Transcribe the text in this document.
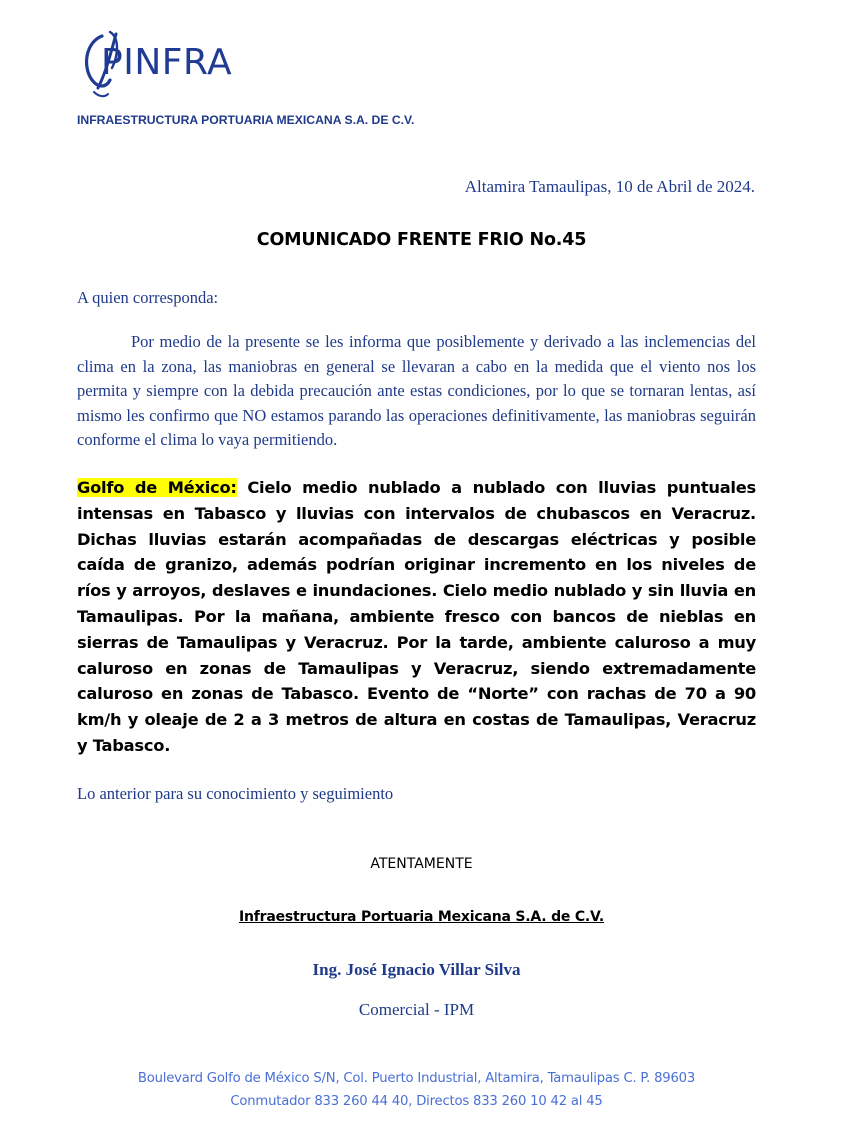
PINFRA
INFRAESTRUCTURA PORTUARIA MEXICANA S.A. DE C.V.
Altamira Tamaulipas, 10 de Abril de 2024.
COMUNICADO FRENTE FRIO No.45
A quien corresponda:

Por medio de la presente se les informa que posiblemente y derivado a las inclemencias del clima en la zona, las maniobras en general se llevaran a cabo en la medida que el viento nos los permita y siempre con la debida precaución ante estas condiciones, por lo que se tornaran lentas, así mismo les confirmo que NO estamos parando las operaciones definitivamente, las maniobras seguirán conforme el clima lo vaya permitiendo.

Golfo de México: Cielo medio nublado a nublado con lluvias puntuales intensas en Tabasco y lluvias con intervalos de chubascos en Veracruz. Dichas lluvias estarán acompañadas de descargas eléctricas y posible caída de granizo, además podrían originar incremento en los niveles de ríos y arroyos, deslaves e inundaciones. Cielo medio nublado y sin lluvia en Tamaulipas. Por la mañana, ambiente fresco con bancos de nieblas en sierras de Tamaulipas y Veracruz. Por la tarde, ambiente caluroso a muy caluroso en zonas de Tamaulipas y Veracruz, siendo extremadamente caluroso en zonas de Tabasco. Evento de “Norte” con rachas de 70 a 90 km/h y oleaje de 2 a 3 metros de altura en costas de Tamaulipas, Veracruz y Tabasco.

Lo anterior para su conocimiento y seguimiento
ATENTAMENTE
Infraestructura Portuaria Mexicana S.A. de C.V.
Ing. José Ignacio Villar Silva
Comercial - IPM
Boulevard Golfo de México S/N, Col. Puerto Industrial, Altamira, Tamaulipas C. P. 89603
Conmutador 833 260 44 40, Directos 833 260 10 42 al 45
